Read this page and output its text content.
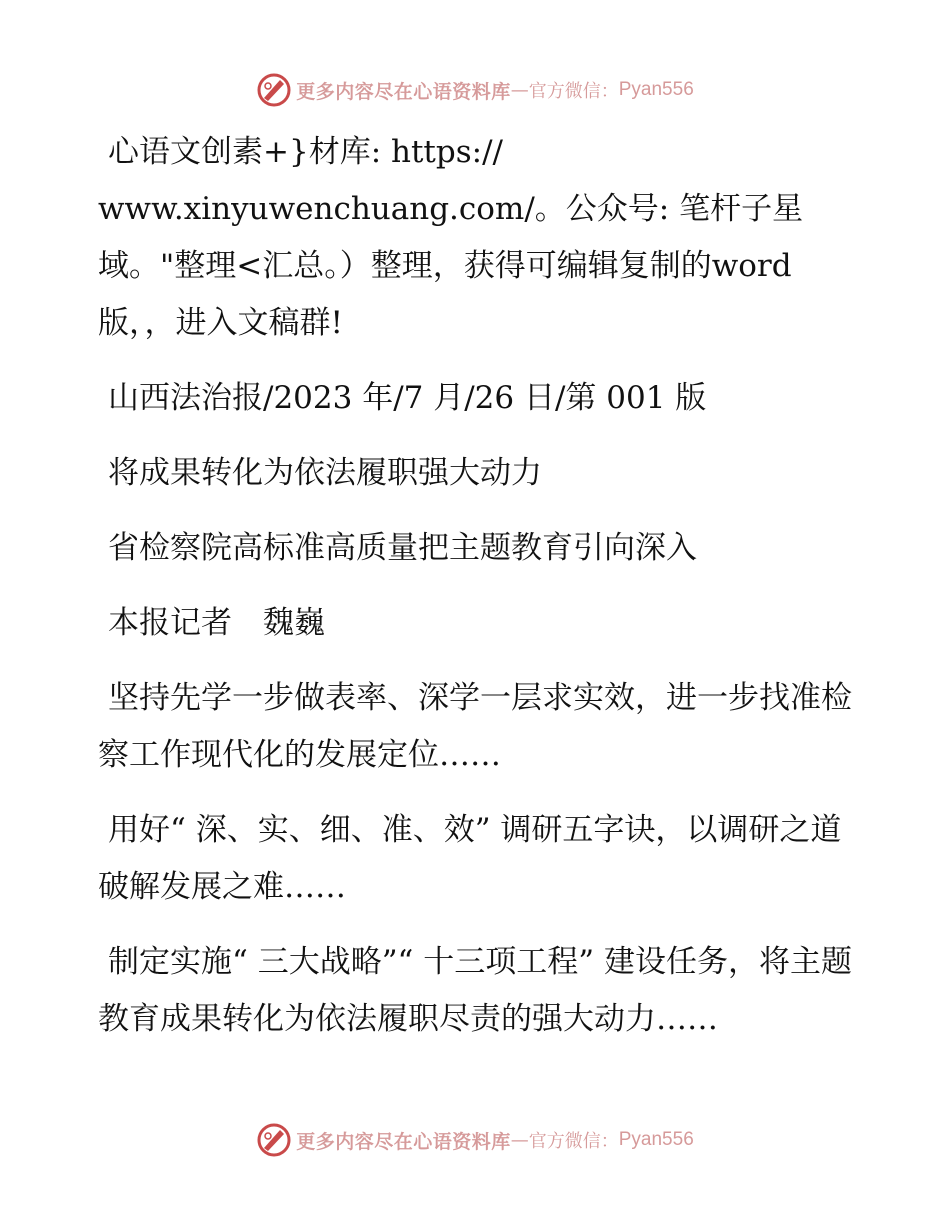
更多内容尽在心语资料库 — 官方微信： Pyan556

心语文创素+}材库: https:// www.xinyuwenchuang.com/。公众号: 笔杆子星域。"整理<汇总。）整理，获得可编辑复制的word版，，进入文稿群!

山西法治报/2023 年/7 月/26 日/第 001 版

将成果转化为依法履职强大动力

省检察院高标准高质量把主题教育引向深入

本报记者　魏巍

坚持先学一步做表率、深学一层求实效，进一步找准检察工作现代化的发展定位……

用好“ 深、实、细、准、效” 调研五字诀，以调研之道破解发展之难……

制定实施“ 三大战略”“ 十三项工程” 建设任务，将主题教育成果转化为依法履职尽责的强大动力……

更多内容尽在心语资料库 — 官方微信： Pyan556
